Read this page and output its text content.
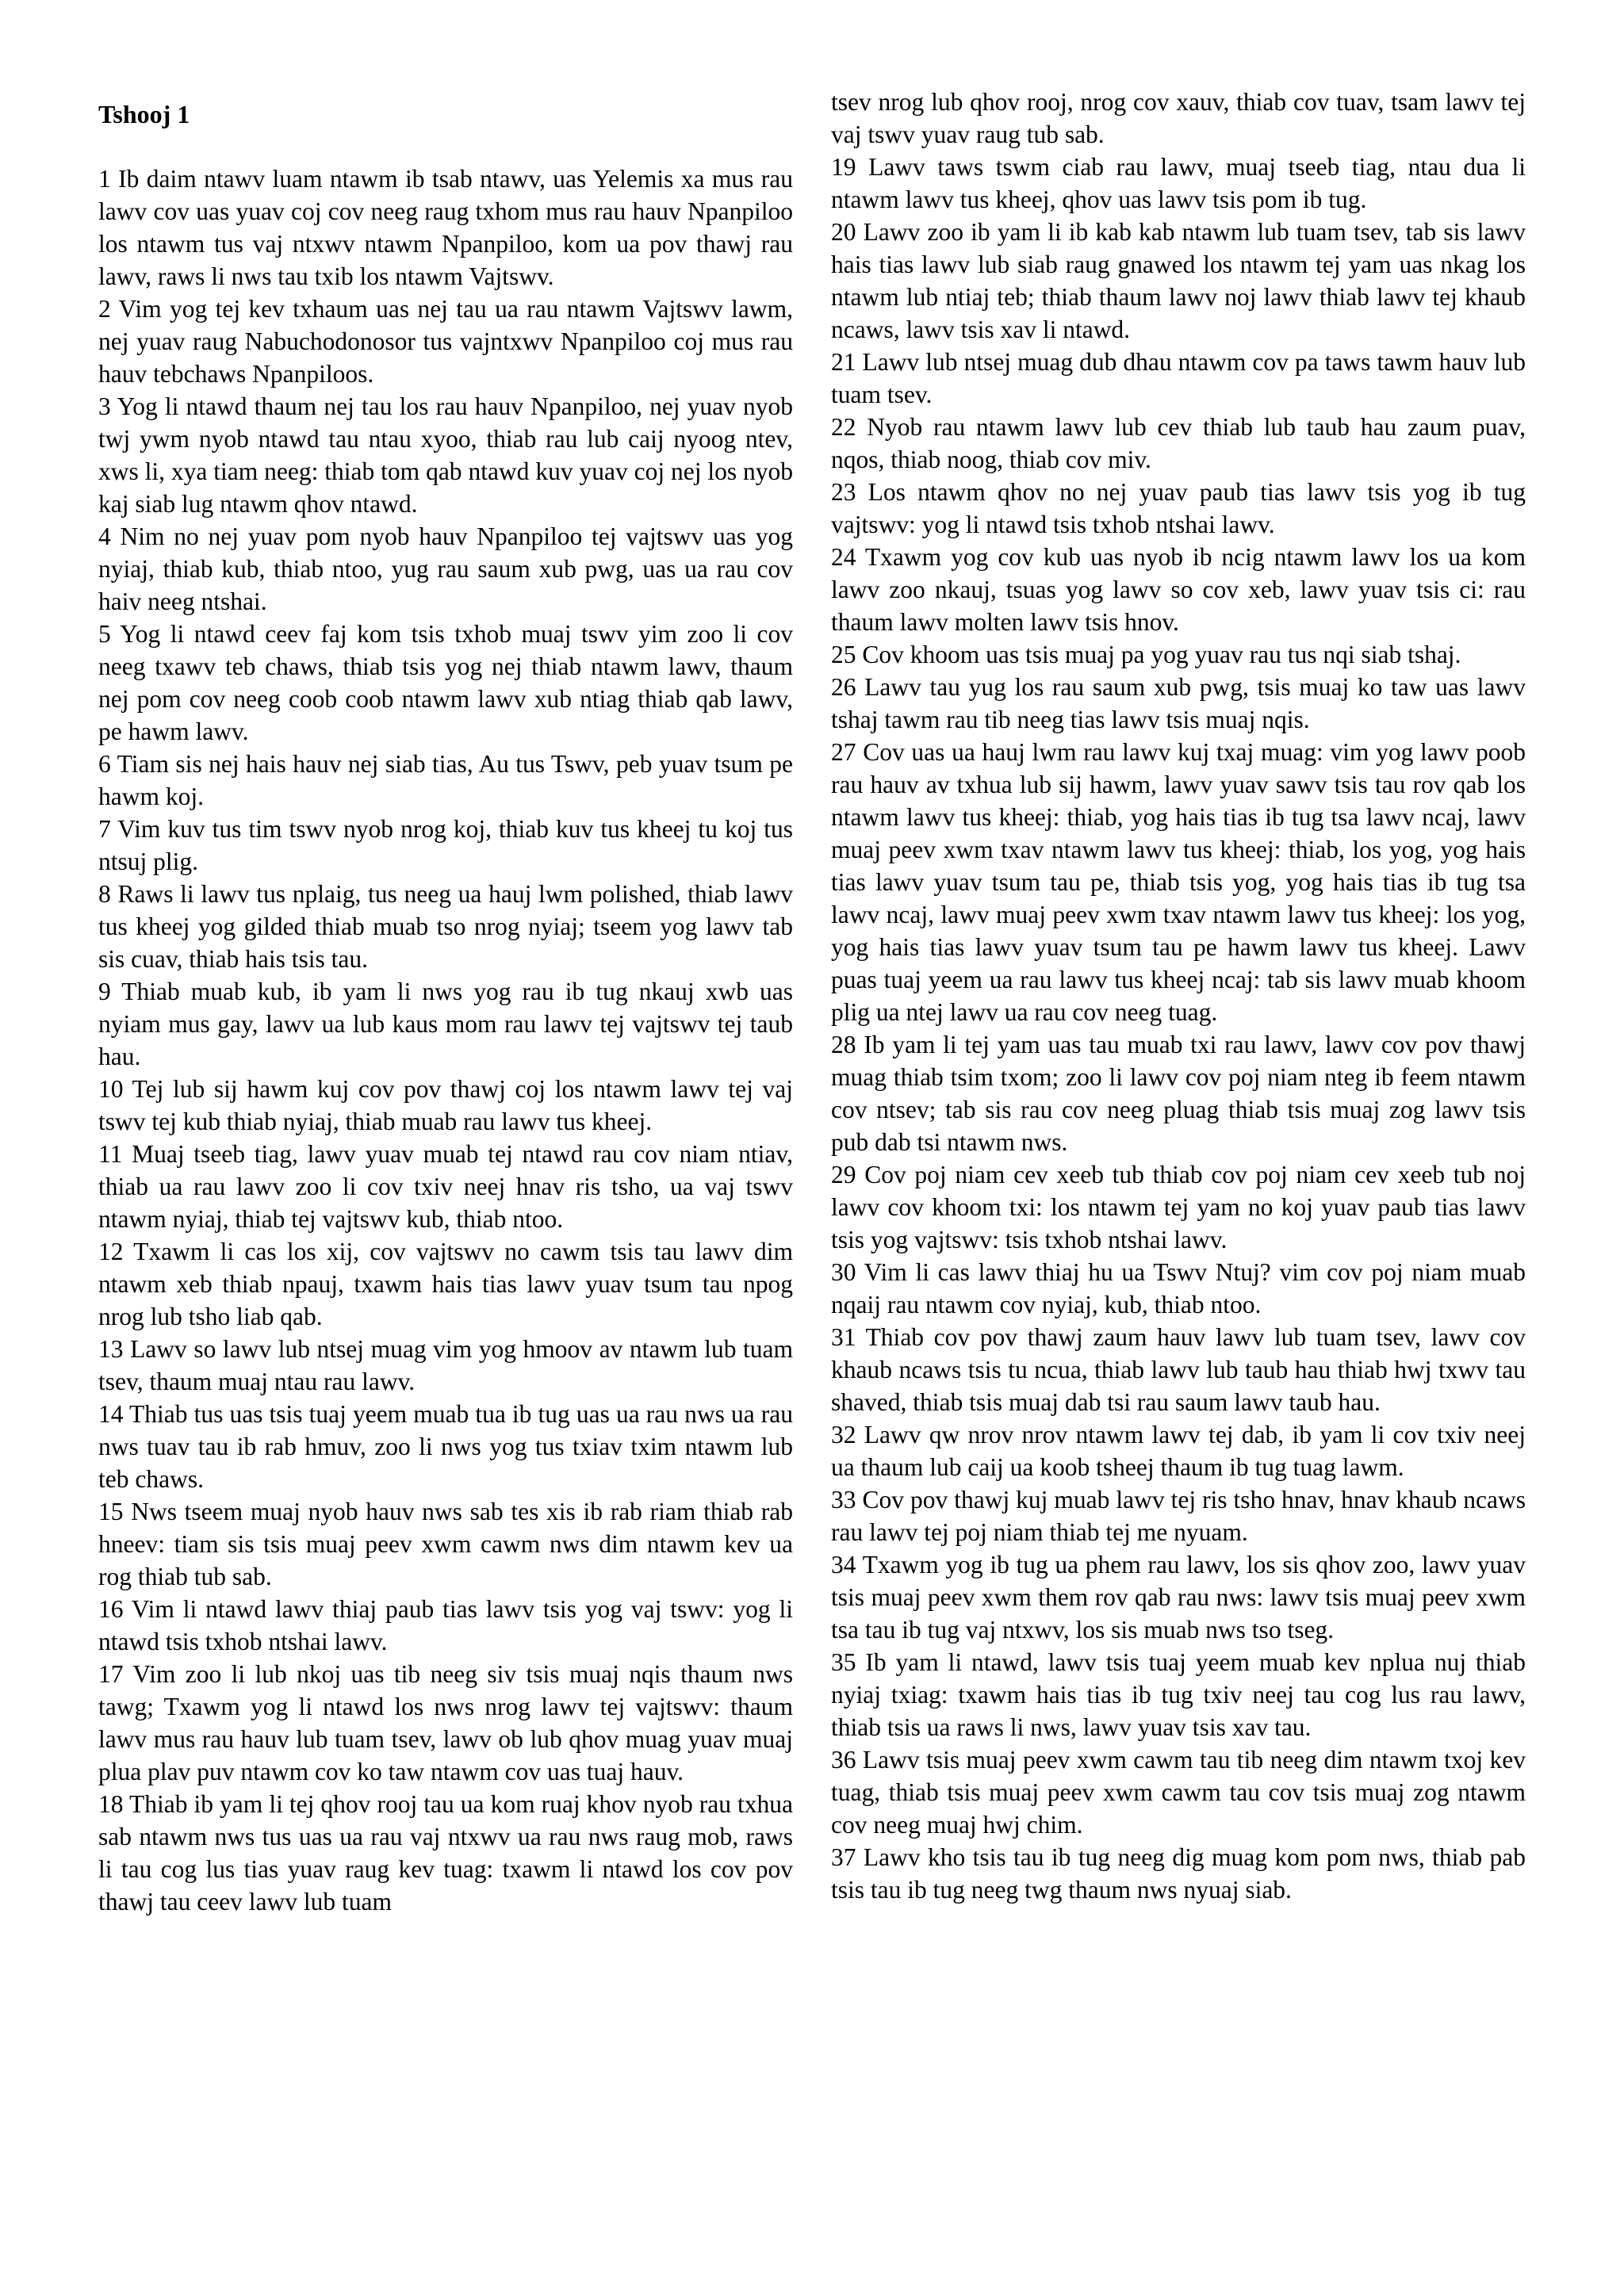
Tshooj 1

1 Ib daim ntawv luam ntawm ib tsab ntawv, uas Yelemis xa mus rau lawv cov uas yuav coj cov neeg raug txhom mus rau hauv Npanpiloo los ntawm tus vaj ntxwv ntawm Npanpiloo, kom ua pov thawj rau lawv, raws li nws tau txib los ntawm Vajtswv.

2 Vim yog tej kev txhaum uas nej tau ua rau ntawm Vajtswv lawm, nej yuav raug Nabuchodonosor tus vajntxwv Npanpiloo coj mus rau hauv tebchaws Npanpiloos.

3 Yog li ntawd thaum nej tau los rau hauv Npanpiloo, nej yuav nyob twj ywm nyob ntawd tau ntau xyoo, thiab rau lub caij nyoog ntev, xws li, xya tiam neeg: thiab tom qab ntawd kuv yuav coj nej los nyob kaj siab lug ntawm qhov ntawd.

4 Nim no nej yuav pom nyob hauv Npanpiloo tej vajtswv uas yog nyiaj, thiab kub, thiab ntoo, yug rau saum xub pwg, uas ua rau cov haiv neeg ntshai.

5 Yog li ntawd ceev faj kom tsis txhob muaj tswv yim zoo li cov neeg txawv teb chaws, thiab tsis yog nej thiab ntawm lawv, thaum nej pom cov neeg coob coob ntawm lawv xub ntiag thiab qab lawv, pe hawm lawv.

6 Tiam sis nej hais hauv nej siab tias, Au tus Tswv, peb yuav tsum pe hawm koj.

7 Vim kuv tus tim tswv nyob nrog koj, thiab kuv tus kheej tu koj tus ntsuj plig.

8 Raws li lawv tus nplaig, tus neeg ua hauj lwm polished, thiab lawv tus kheej yog gilded thiab muab tso nrog nyiaj; tseem yog lawv tab sis cuav, thiab hais tsis tau.

9 Thiab muab kub, ib yam li nws yog rau ib tug nkauj xwb uas nyiam mus gay, lawv ua lub kaus mom rau lawv tej vajtswv tej taub hau.

10 Tej lub sij hawm kuj cov pov thawj coj los ntawm lawv tej vaj tswv tej kub thiab nyiaj, thiab muab rau lawv tus kheej.

11 Muaj tseeb tiag, lawv yuav muab tej ntawd rau cov niam ntiav, thiab ua rau lawv zoo li cov txiv neej hnav ris tsho, ua vaj tswv ntawm nyiaj, thiab tej vajtswv kub, thiab ntoo.

12 Txawm li cas los xij, cov vajtswv no cawm tsis tau lawv dim ntawm xeb thiab npauj, txawm hais tias lawv yuav tsum tau npog nrog lub tsho liab qab.

13 Lawv so lawv lub ntsej muag vim yog hmoov av ntawm lub tuam tsev, thaum muaj ntau rau lawv.

14 Thiab tus uas tsis tuaj yeem muab tua ib tug uas ua rau nws ua rau nws tuav tau ib rab hmuv, zoo li nws yog tus txiav txim ntawm lub teb chaws.

15 Nws tseem muaj nyob hauv nws sab tes xis ib rab riam thiab rab hneev: tiam sis tsis muaj peev xwm cawm nws dim ntawm kev ua rog thiab tub sab.

16 Vim li ntawd lawv thiaj paub tias lawv tsis yog vaj tswv: yog li ntawd tsis txhob ntshai lawv.

17 Vim zoo li lub nkoj uas tib neeg siv tsis muaj nqis thaum nws tawg; Txawm yog li ntawd los nws nrog lawv tej vajtswv: thaum lawv mus rau hauv lub tuam tsev, lawv ob lub qhov muag yuav muaj plua plav puv ntawm cov ko taw ntawm cov uas tuaj hauv.

18 Thiab ib yam li tej qhov rooj tau ua kom ruaj khov nyob rau txhua sab ntawm nws tus uas ua rau vaj ntxwv ua rau nws raug mob, raws li tau cog lus tias yuav raug kev tuag: txawm li ntawd los cov pov thawj tau ceev lawv lub tuam

tsev nrog lub qhov rooj, nrog cov xauv, thiab cov tuav, tsam lawv tej vaj tswv yuav raug tub sab.

19 Lawv taws tswm ciab rau lawv, muaj tseeb tiag, ntau dua li ntawm lawv tus kheej, qhov uas lawv tsis pom ib tug.

20 Lawv zoo ib yam li ib kab kab ntawm lub tuam tsev, tab sis lawv hais tias lawv lub siab raug gnawed los ntawm tej yam uas nkag los ntawm lub ntiaj teb; thiab thaum lawv noj lawv thiab lawv tej khaub ncaws, lawv tsis xav li ntawd.

21 Lawv lub ntsej muag dub dhau ntawm cov pa taws tawm hauv lub tuam tsev.

22 Nyob rau ntawm lawv lub cev thiab lub taub hau zaum puav, nqos, thiab noog, thiab cov miv.

23 Los ntawm qhov no nej yuav paub tias lawv tsis yog ib tug vajtswv: yog li ntawd tsis txhob ntshai lawv.

24 Txawm yog cov kub uas nyob ib ncig ntawm lawv los ua kom lawv zoo nkauj, tsuas yog lawv so cov xeb, lawv yuav tsis ci: rau thaum lawv molten lawv tsis hnov.

25 Cov khoom uas tsis muaj pa yog yuav rau tus nqi siab tshaj.

26 Lawv tau yug los rau saum xub pwg, tsis muaj ko taw uas lawv tshaj tawm rau tib neeg tias lawv tsis muaj nqis.

27 Cov uas ua hauj lwm rau lawv kuj txaj muag: vim yog lawv poob rau hauv av txhua lub sij hawm, lawv yuav sawv tsis tau rov qab los ntawm lawv tus kheej: thiab, yog hais tias ib tug tsa lawv ncaj, lawv muaj peev xwm txav ntawm lawv tus kheej: thiab, los yog, yog hais tias lawv yuav tsum tau pe, thiab tsis yog, yog hais tias ib tug tsa lawv ncaj, lawv muaj peev xwm txav ntawm lawv tus kheej: los yog, yog hais tias lawv yuav tsum tau pe hawm lawv tus kheej. Lawv puas tuaj yeem ua rau lawv tus kheej ncaj: tab sis lawv muab khoom plig ua ntej lawv ua rau cov neeg tuag.

28 Ib yam li tej yam uas tau muab txi rau lawv, lawv cov pov thawj muag thiab tsim txom; zoo li lawv cov poj niam nteg ib feem ntawm cov ntsev; tab sis rau cov neeg pluag thiab tsis muaj zog lawv tsis pub dab tsi ntawm nws.

29 Cov poj niam cev xeeb tub thiab cov poj niam cev xeeb tub noj lawv cov khoom txi: los ntawm tej yam no koj yuav paub tias lawv tsis yog vajtswv: tsis txhob ntshai lawv.

30 Vim li cas lawv thiaj hu ua Tswv Ntuj? vim cov poj niam muab nqaij rau ntawm cov nyiaj, kub, thiab ntoo.

31 Thiab cov pov thawj zaum hauv lawv lub tuam tsev, lawv cov khaub ncaws tsis tu ncua, thiab lawv lub taub hau thiab hwj txwv tau shaved, thiab tsis muaj dab tsi rau saum lawv taub hau.

32 Lawv qw nrov nrov ntawm lawv tej dab, ib yam li cov txiv neej ua thaum lub caij ua koob tsheej thaum ib tug tuag lawm.

33 Cov pov thawj kuj muab lawv tej ris tsho hnav, hnav khaub ncaws rau lawv tej poj niam thiab tej me nyuam.

34 Txawm yog ib tug ua phem rau lawv, los sis qhov zoo, lawv yuav tsis muaj peev xwm them rov qab rau nws: lawv tsis muaj peev xwm tsa tau ib tug vaj ntxwv, los sis muab nws tso tseg.

35 Ib yam li ntawd, lawv tsis tuaj yeem muab kev nplua nuj thiab nyiaj txiag: txawm hais tias ib tug txiv neej tau cog lus rau lawv, thiab tsis ua raws li nws, lawv yuav tsis xav tau.

36 Lawv tsis muaj peev xwm cawm tau tib neeg dim ntawm txoj kev tuag, thiab tsis muaj peev xwm cawm tau cov tsis muaj zog ntawm cov neeg muaj hwj chim.

37 Lawv kho tsis tau ib tug neeg dig muag kom pom nws, thiab pab tsis tau ib tug neeg twg thaum nws nyuaj siab.
